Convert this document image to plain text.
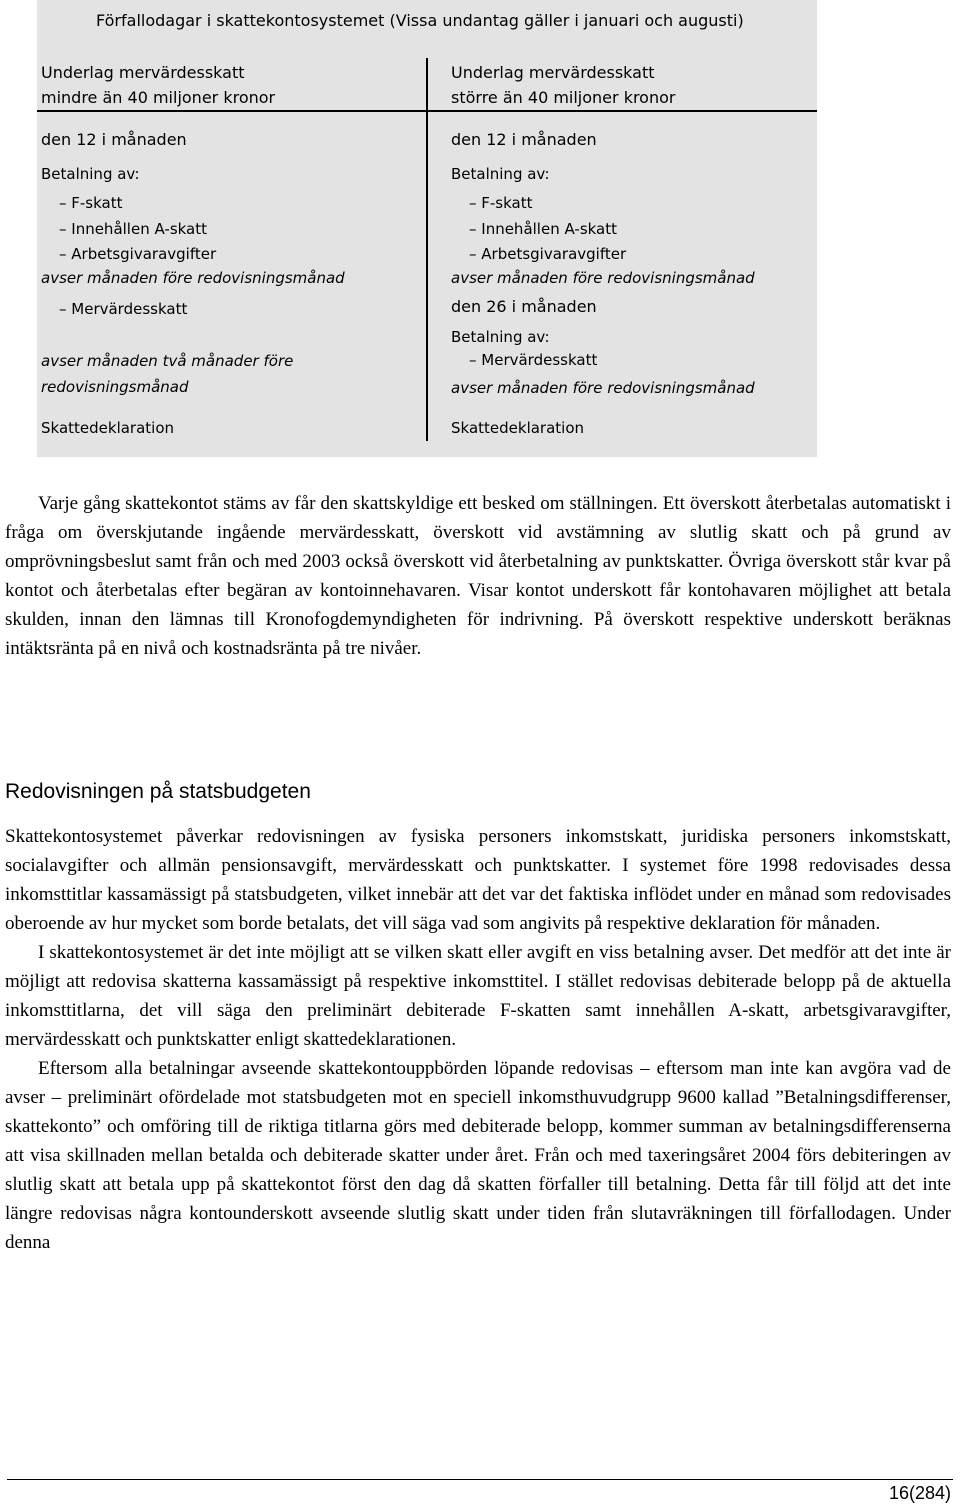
Förfallodagar i skattekontosystemet (Vissa undantag gäller i januari och augusti)
Underlag mervärdesskatt
mindre än 40 miljoner kronor
den 12 i månaden
Betalning av:
– F-skatt
– Innehållen A-skatt
– Arbetsgivaravgifter
avser månaden före redovisningsmånad
– Mervärdesskatt
avser månaden två månader före
redovisningsmånad
Skattedeklaration
Underlag mervärdesskatt
större än 40 miljoner kronor
den 12 i månaden
Betalning av:
– F-skatt
– Innehållen A-skatt
– Arbetsgivaravgifter
avser månaden före redovisningsmånad
den 26 i månaden
Betalning av:
– Mervärdesskatt
avser månaden före redovisningsmånad
Skattedeklaration

Varje gång skattekontot stäms av får den skattskyldige ett besked om ställningen. Ett överskott återbetalas automatiskt i fråga om överskjutande ingående mervärdesskatt, överskott vid avstämning av slutlig skatt och på grund av omprövningsbeslut samt från och med 2003 också överskott vid återbetalning av punktskatter. Övriga överskott står kvar på kontot och återbetalas efter begäran av kontoinnehavaren. Visar kontot underskott får kontohavaren möjlighet att betala skulden, innan den lämnas till Kronofogdemyndigheten för indrivning. På överskott respektive underskott beräknas intäktsränta på en nivå och kostnadsränta på tre nivåer.

Redovisningen på statsbudgeten

Skattekontosystemet påverkar redovisningen av fysiska personers inkomstskatt, juridiska personers inkomstskatt, socialavgifter och allmän pensionsavgift, mervärdesskatt och punktskatter. I systemet före 1998 redovisades dessa inkomsttitlar kassamässigt på statsbudgeten, vilket innebär att det var det faktiska inflödet under en månad som redovisades oberoende av hur mycket som borde betalats, det vill säga vad som angivits på respektive deklaration för månaden.

I skattekontosystemet är det inte möjligt att se vilken skatt eller avgift en viss betalning avser. Det medför att det inte är möjligt att redovisa skatterna kassamässigt på respektive inkomsttitel. I stället redovisas debiterade belopp på de aktuella inkomsttitlarna, det vill säga den preliminärt debiterade F-skatten samt innehållen A-skatt, arbetsgivaravgifter, mervärdesskatt och punktskatter enligt skattedeklarationen.

Eftersom alla betalningar avseende skattekontouppbörden löpande redovisas – eftersom man inte kan avgöra vad de avser – preliminärt ofördelade mot statsbudgeten mot en speciell inkomsthuvudgrupp 9600 kallad ”Betalningsdifferenser, skattekonto” och omföring till de riktiga titlarna görs med debiterade belopp, kommer summan av betalningsdifferenserna att visa skillnaden mellan betalda och debiterade skatter under året. Från och med taxeringsåret 2004 förs debiteringen av slutlig skatt att betala upp på skattekontot först den dag då skatten förfaller till betalning. Detta får till följd att det inte längre redovisas några kontounderskott avseende slutlig skatt under tiden från slutavräkningen till förfallodagen. Under denna

16(284)
